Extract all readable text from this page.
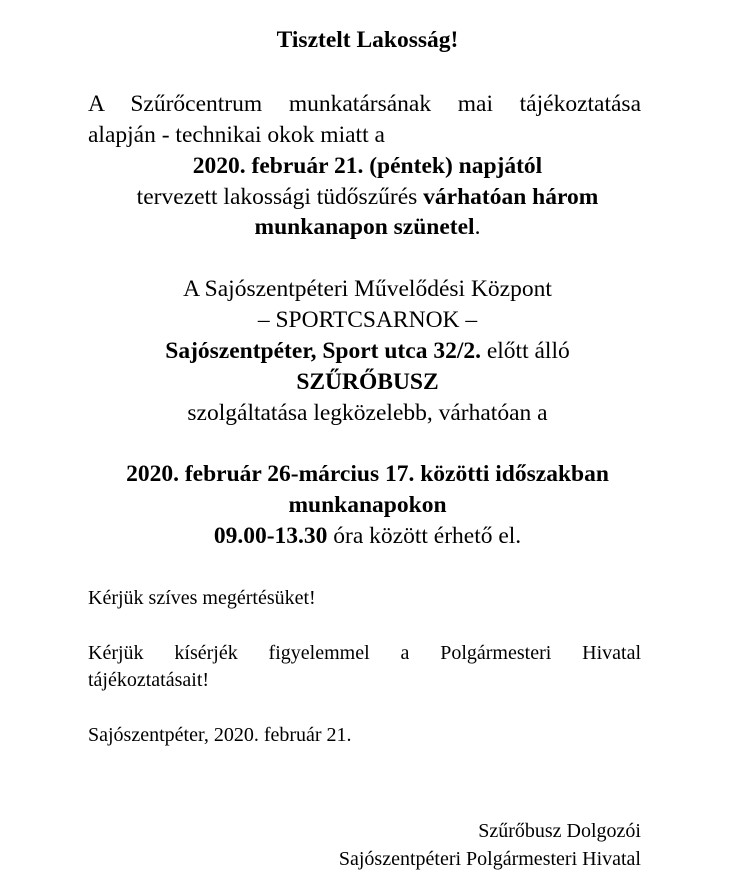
Tisztelt Lakosság!
A Szűrőcentrum munkatársának mai tájékoztatása
alapján - technikai okok miatt a
2020. február 21. (péntek) napjától
tervezett lakossági tüdőszűrés várhatóan három
munkanapon szünetel.
A Sajószentpéteri Művelődési Központ
– SPORTCSARNOK –
Sajószentpéter, Sport utca 32/2. előtt álló
SZŰRŐBUSZ
szolgáltatása legközelebb, várhatóan a
2020. február 26-március 17. közötti időszakban
munkanapokon
09.00-13.30 óra között érhető el.
Kérjük szíves megértésüket!
Kérjük kísérjék figyelemmel a Polgármesteri Hivatal
tájékoztatásait!
Sajószentpéter, 2020. február 21.
Szűrőbusz Dolgozói
Sajószentpéteri Polgármesteri Hivatal
